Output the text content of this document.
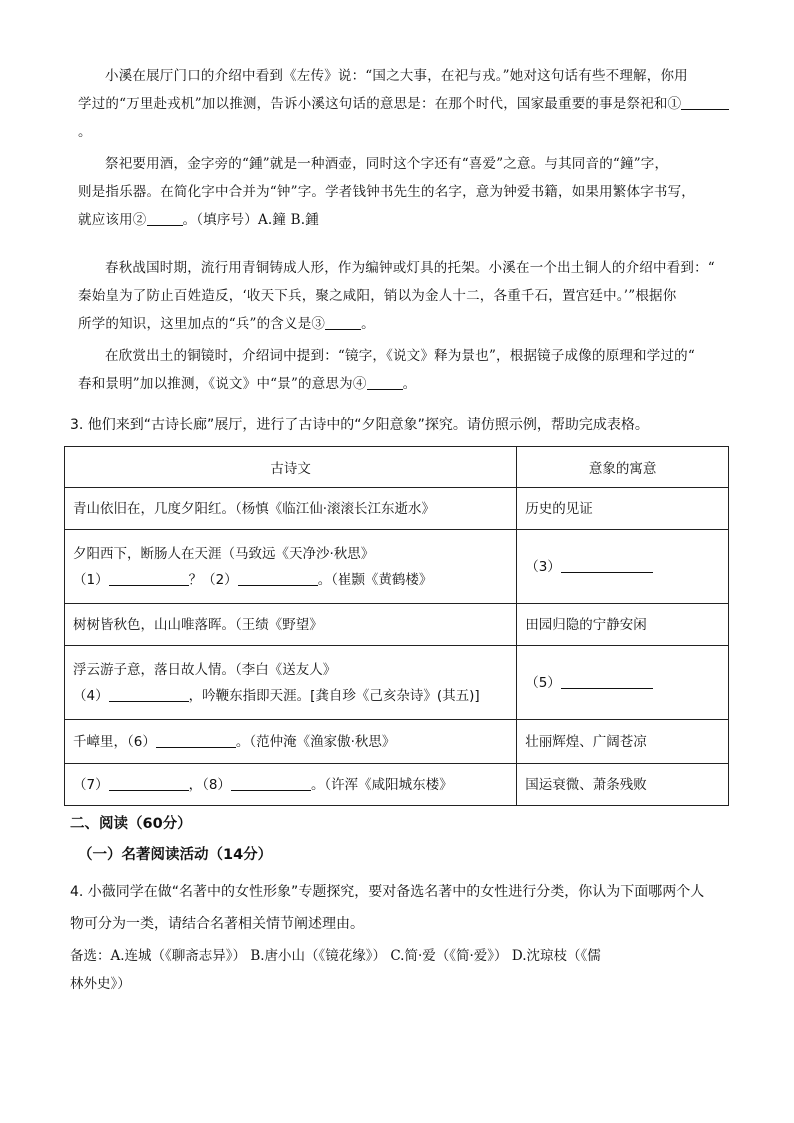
小溪在展厅门口的介绍中看到《左传》说：“国之大事，在祀与戎。”她对这句话有些不理解，你用
学过的“万里赴戎机”加以推测，告诉小溪这句话的意思是：在那个时代，国家最重要的事是祭祀和①
。
祭祀要用酒，金字旁的“鍾”就是一种酒壶，同时这个字还有“喜爱”之意。与其同音的“鐘”字，
则是指乐器。在简化字中合并为“钟”字。学者钱钟书先生的名字，意为钟爱书籍，如果用繁体字书写，
就应该用②	。（填序号）A.鐘 B.鍾
春秋战国时期，流行用青铜铸成人形，作为编钟或灯具的托架。小溪在一个出土铜人的介绍中看到：“
秦始皇为了防止百姓造反，‘收天下兵，聚之咸阳，销以为金人十二，各重千石，置宫廷中。’”根据你
所学的知识，这里加点的“兵”的含义是③	。
在欣赏出土的铜镜时，介绍词中提到：“镜字，《说文》释为景也”，根据镜子成像的原理和学过的“
春和景明”加以推测，《说文》中“景”的意思为④	。
3. 他们来到“古诗长廊”展厅，进行了古诗中的“夕阳意象”探究。请仿照示例，帮助完成表格。
古诗文	意象的寓意
青山依旧在，几度夕阳红。（杨慎《临江仙·滚滚长江东逝水》	历史的见证

夕阳西下，断肠人在天涯（马致远《天净沙·秋思》
（1） ？（2） 。（崔颢《黄鹤楼》	（3）
树树皆秋色，山山唯落晖。（王绩《野望》	田园归隐的宁静安闲

浮云游子意，落日故人情。（李白《送友人》
（4） ，吟鞭东指即天涯。[龚自珍《己亥杂诗》(其五)]	（5）
千嶂里，（6） 。（范仲淹《渔家傲·秋思》	壮丽辉煌、广阔苍凉
（7） ，（8） 。（许浑《咸阳城东楼》	国运衰微、萧条残败
二、阅读（60分）
（一）名著阅读活动（14分）
4. 小薇同学在做“名著中的女性形象”专题探究，要对备选名著中的女性进行分类，你认为下面哪两个人
物可分为一类，请结合名著相关情节阐述理由。
备选：A.连城（《聊斋志异》） B.唐小山（《镜花缘》） C.简·爱（《简·爱》） D.沈琼枝（《儒
林外史》）
